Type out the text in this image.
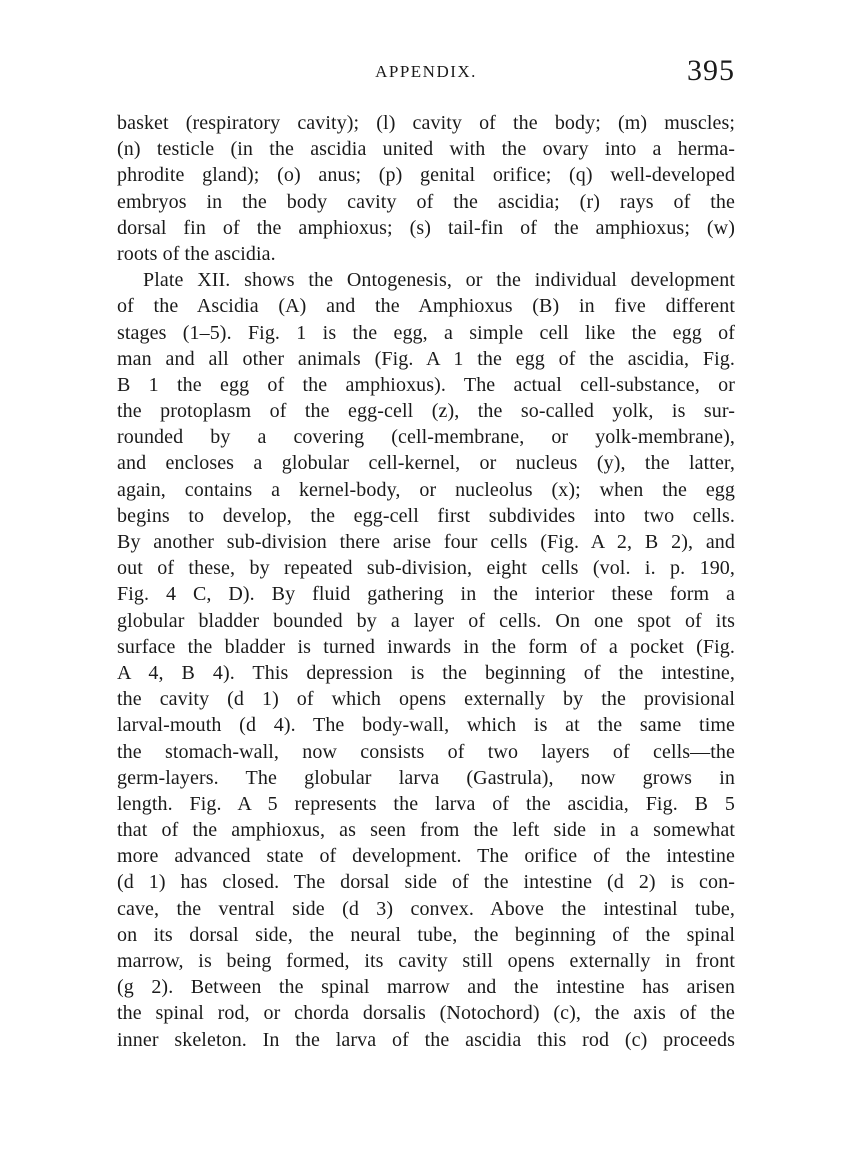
APPENDIX.	395
basket (respiratory cavity); (l) cavity of the body; (m) muscles;
(n) testicle (in the ascidia united with the ovary into a herma-
phrodite gland); (o) anus; (p) genital orifice; (q) well-developed
embryos in the body cavity of the ascidia; (r) rays of the
dorsal fin of the amphioxus; (s) tail-fin of the amphioxus; (w)
roots of the ascidia.
Plate XII. shows the Ontogenesis, or the individual development
of the Ascidia (A) and the Amphioxus (B) in five different
stages (1–5). Fig. 1 is the egg, a simple cell like the egg of
man and all other animals (Fig. A 1 the egg of the ascidia, Fig.
B 1 the egg of the amphioxus). The actual cell-substance, or
the protoplasm of the egg-cell (z), the so-called yolk, is sur-
rounded by a covering (cell-membrane, or yolk-membrane),
and encloses a globular cell-kernel, or nucleus (y), the latter,
again, contains a kernel-body, or nucleolus (x); when the egg
begins to develop, the egg-cell first subdivides into two cells.
By another sub-division there arise four cells (Fig. A 2, B 2), and
out of these, by repeated sub-division, eight cells (vol. i. p. 190,
Fig. 4 C, D). By fluid gathering in the interior these form a
globular bladder bounded by a layer of cells. On one spot of its
surface the bladder is turned inwards in the form of a pocket (Fig.
A 4, B 4). This depression is the beginning of the intestine,
the cavity (d 1) of which opens externally by the provisional
larval-mouth (d 4). The body-wall, which is at the same time
the stomach-wall, now consists of two layers of cells—the
germ-layers. The globular larva (Gastrula), now grows in
length. Fig. A 5 represents the larva of the ascidia, Fig. B 5
that of the amphioxus, as seen from the left side in a somewhat
more advanced state of development. The orifice of the intestine
(d 1) has closed. The dorsal side of the intestine (d 2) is con-
cave, the ventral side (d 3) convex. Above the intestinal tube,
on its dorsal side, the neural tube, the beginning of the spinal
marrow, is being formed, its cavity still opens externally in front
(g 2). Between the spinal marrow and the intestine has arisen
the spinal rod, or chorda dorsalis (Notochord) (c), the axis of the
inner skeleton. In the larva of the ascidia this rod (c) proceeds
